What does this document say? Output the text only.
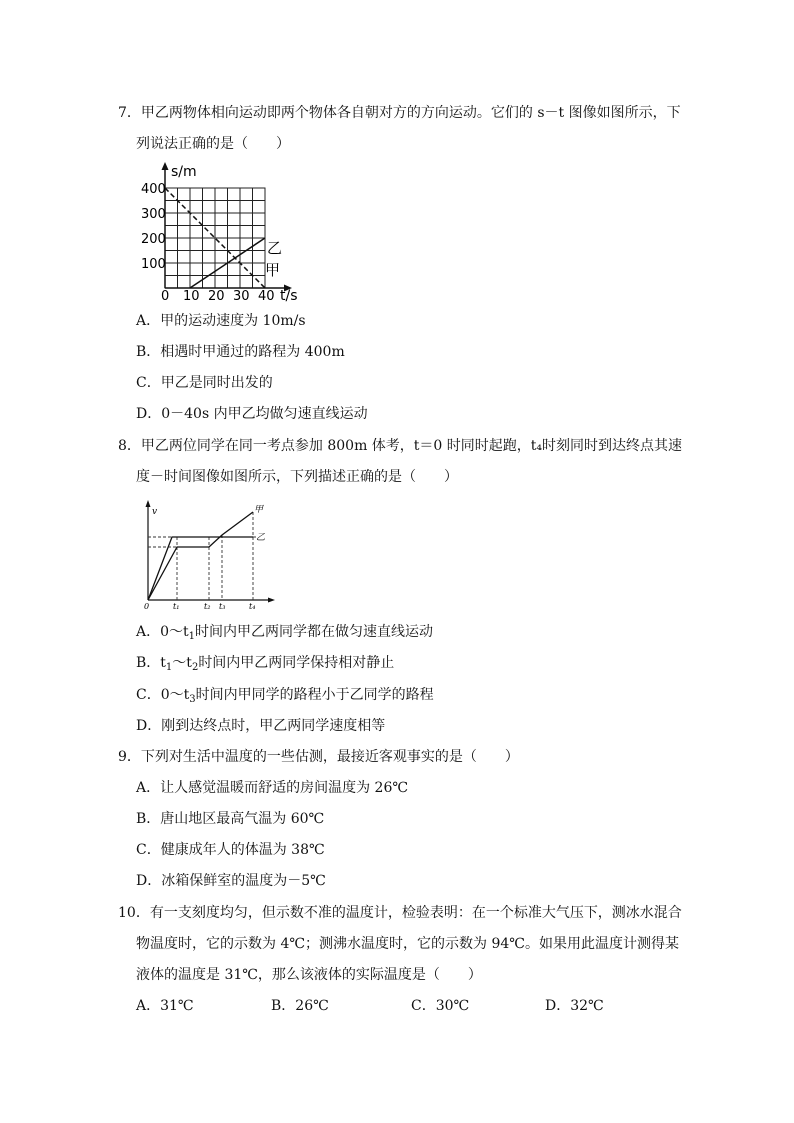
7．甲乙两物体相向运动即两个物体各自朝对方的方向运动。它们的 s－t 图像如图所示，下
列说法正确的是（　　）
s/m
t/s
400
300
200
100
0 10 20 30 40
乙
甲
A．甲的运动速度为 10m/s
B．相遇时甲通过的路程为 400m
C．甲乙是同时出发的
D．0－40s 内甲乙均做匀速直线运动
8．甲乙两位同学在同一考点参加 800m 体考，t＝0 时同时起跑，t₄时刻同时到达终点其速
度－时间图像如图所示，下列描述正确的是（　　）
v
0	t₁	t₂ t₃	t₄
甲
乙
A．$0\sim t_1$时间内甲乙两同学都在做匀速直线运动
B．$t_1\sim t_2$时间内甲乙两同学保持相对静止
C．$0\sim t_3$时间内甲同学的路程小于乙同学的路程
D．刚到达终点时，甲乙两同学速度相等
9．下列对生活中温度的一些估测，最接近客观事实的是（　　）
A．让人感觉温暖而舒适的房间温度为 26℃
B．唐山地区最高气温为 60℃
C．健康成年人的体温为 38℃
D．冰箱保鲜室的温度为－5℃
10．有一支刻度均匀，但示数不准的温度计，检验表明：在一个标准大气压下，测冰水混合
物温度时，它的示数为 4℃；测沸水温度时，它的示数为 94℃。如果用此温度计测得某
液体的温度是 31℃，那么该液体的实际温度是（　　）
A．31℃	B．26℃	C．30℃	D．32℃
